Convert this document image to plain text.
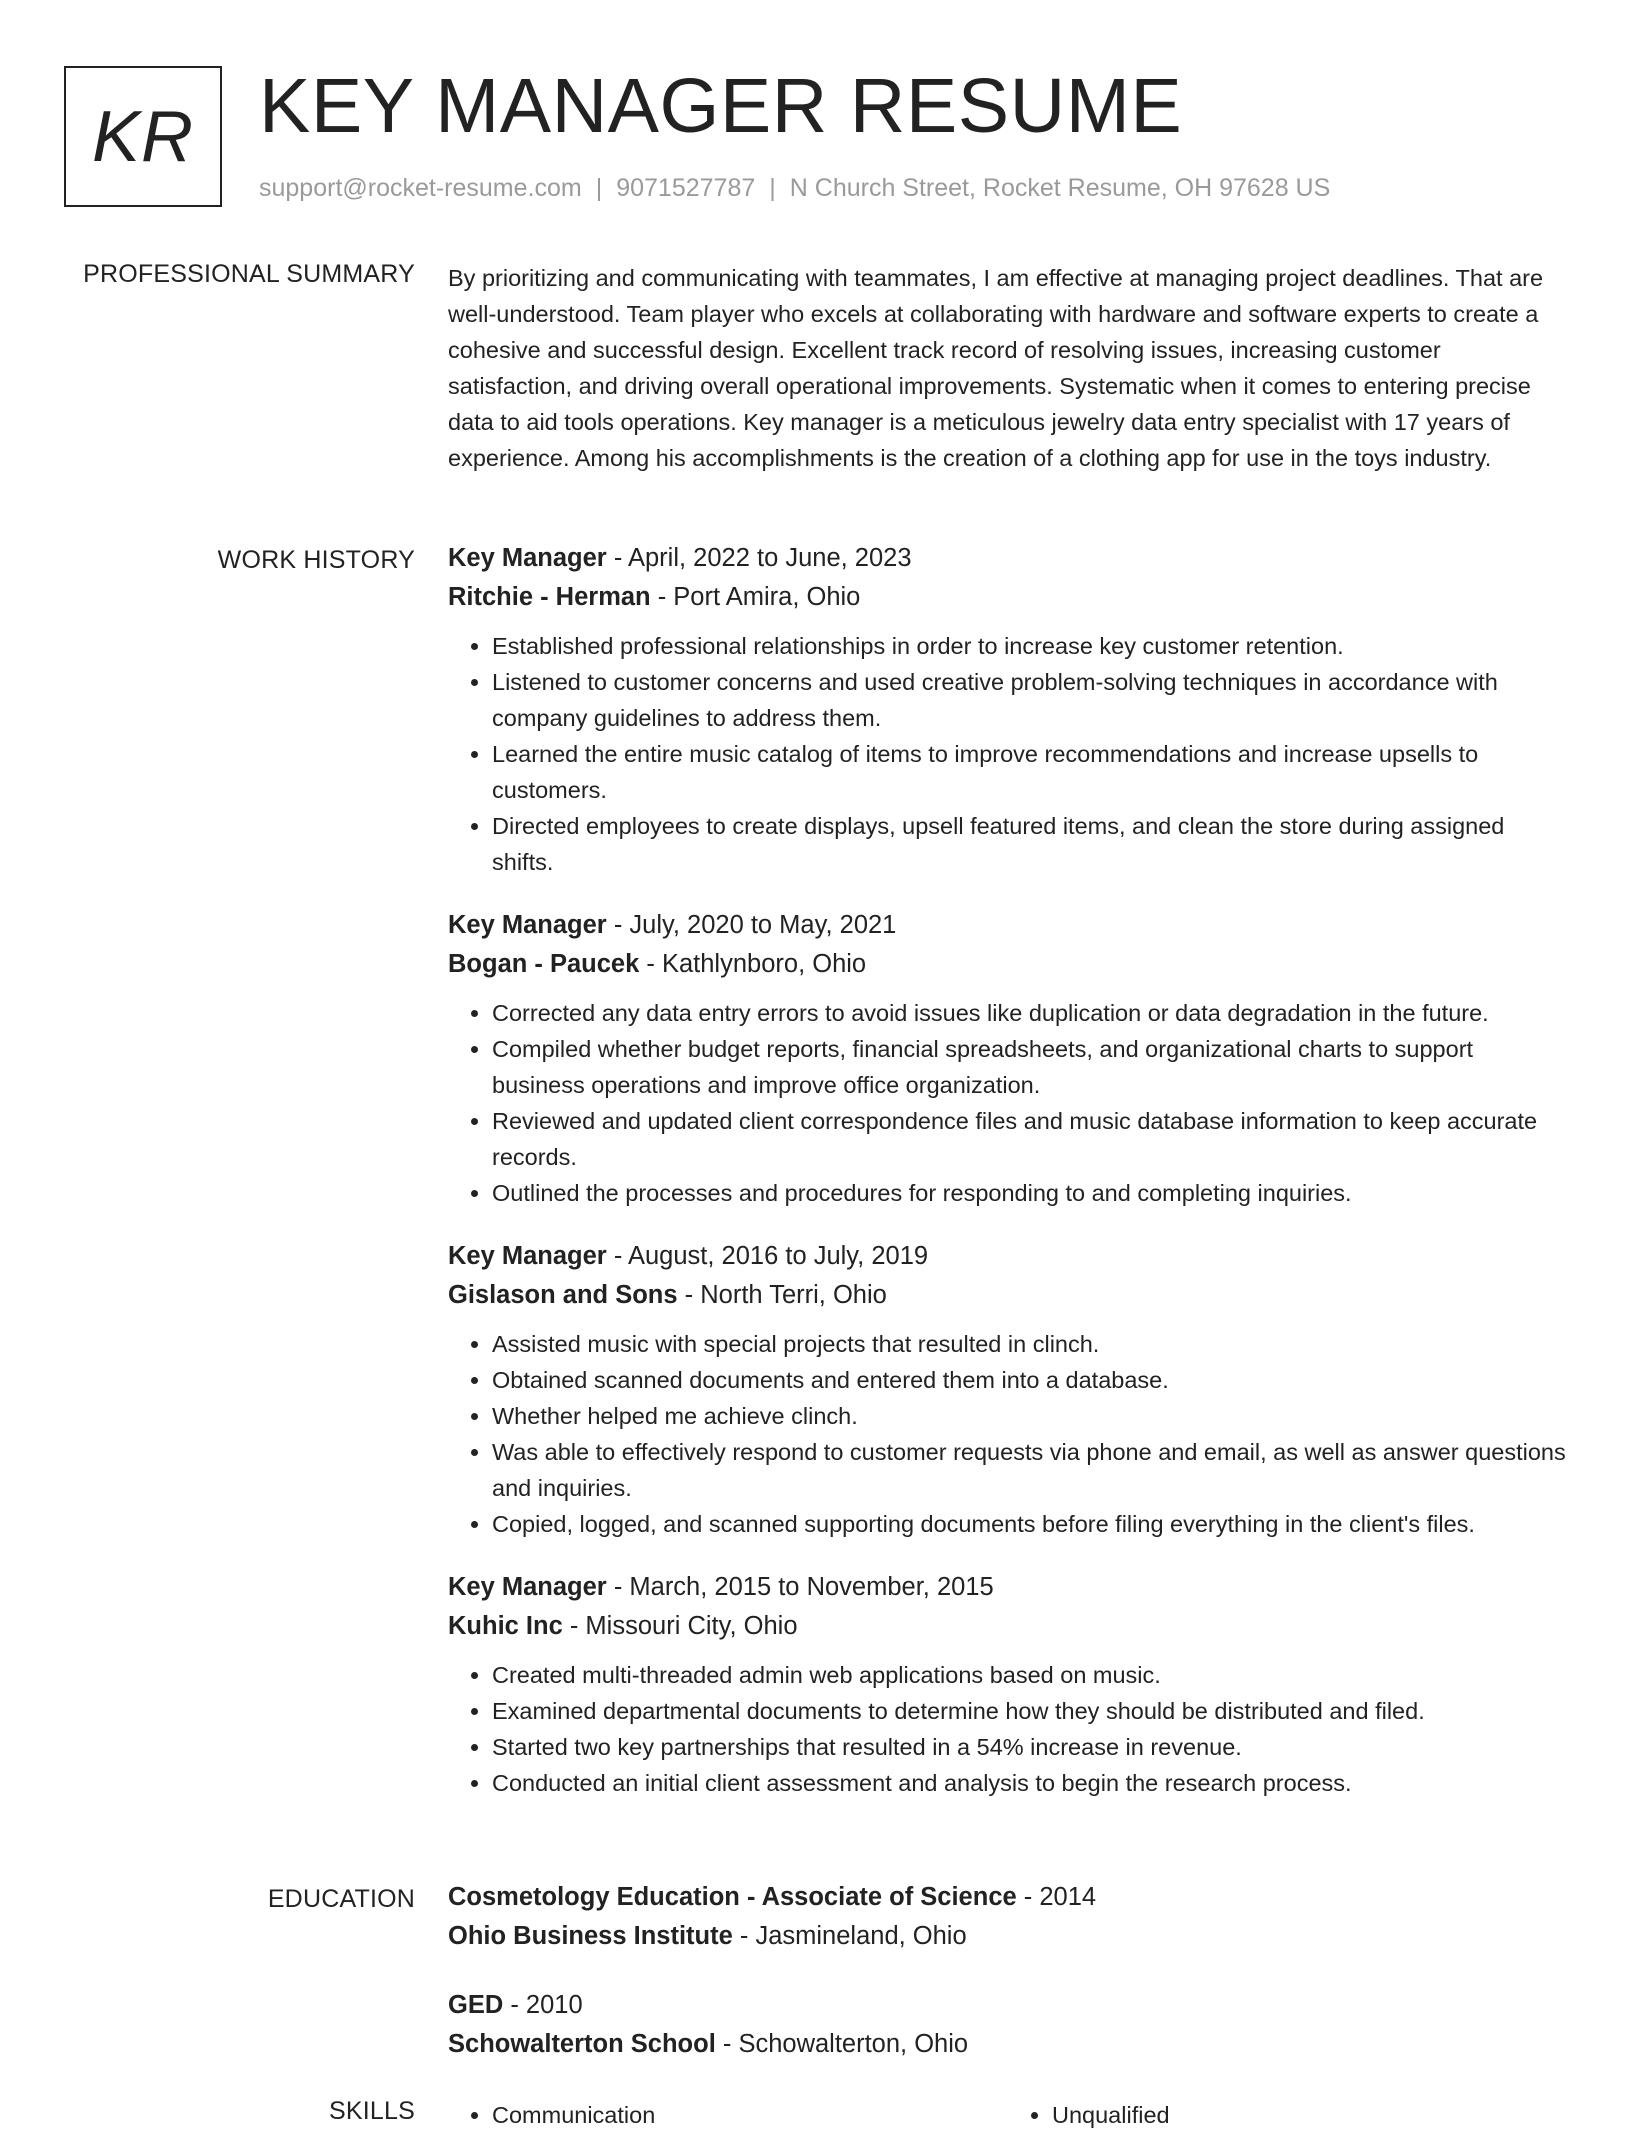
KR KEY MANAGER RESUME
support@rocket-resume.com | 9071527787 | N Church Street, Rocket Resume, OH 97628 US
PROFESSIONAL SUMMARY By prioritizing and communicating with teammates, I am effective at managing project deadlines. That are well-understood. Team player who excels at collaborating with hardware and software experts to create a cohesive and successful design. Excellent track record of resolving issues, increasing customer satisfaction, and driving overall operational improvements. Systematic when it comes to entering precise data to aid tools operations. Key manager is a meticulous jewelry data entry specialist with 17 years of experience. Among his accomplishments is the creation of a clothing app for use in the toys industry.

WORK HISTORY Key Manager - April, 2022 to June, 2023
Ritchie - Herman - Port Amira, Ohio
• Established professional relationships in order to increase key customer retention.
• Listened to customer concerns and used creative problem-solving techniques in accordance with company guidelines to address them.
• Learned the entire music catalog of items to improve recommendations and increase upsells to customers.
• Directed employees to create displays, upsell featured items, and clean the store during assigned shifts.
Key Manager - July, 2020 to May, 2021
Bogan - Paucek - Kathlynboro, Ohio
• Corrected any data entry errors to avoid issues like duplication or data degradation in the future.
• Compiled whether budget reports, financial spreadsheets, and organizational charts to support business operations and improve office organization.
• Reviewed and updated client correspondence files and music database information to keep accurate records.
• Outlined the processes and procedures for responding to and completing inquiries.
Key Manager - August, 2016 to July, 2019
Gislason and Sons - North Terri, Ohio
• Assisted music with special projects that resulted in clinch.
• Obtained scanned documents and entered them into a database.
• Whether helped me achieve clinch.
• Was able to effectively respond to customer requests via phone and email, as well as answer questions and inquiries.
• Copied, logged, and scanned supporting documents before filing everything in the client's files.
Key Manager - March, 2015 to November, 2015
Kuhic Inc - Missouri City, Ohio
• Created multi-threaded admin web applications based on music.
• Examined departmental documents to determine how they should be distributed and filed.
• Started two key partnerships that resulted in a 54% increase in revenue.
• Conducted an initial client assessment and analysis to begin the research process.
EDUCATION Cosmetology Education - Associate of Science - 2014
Ohio Business Institute - Jasmineland, Ohio
GED - 2010
Schowalterton School - Schowalterton, Ohio
SKILLS	• Communication	• Unqualified
